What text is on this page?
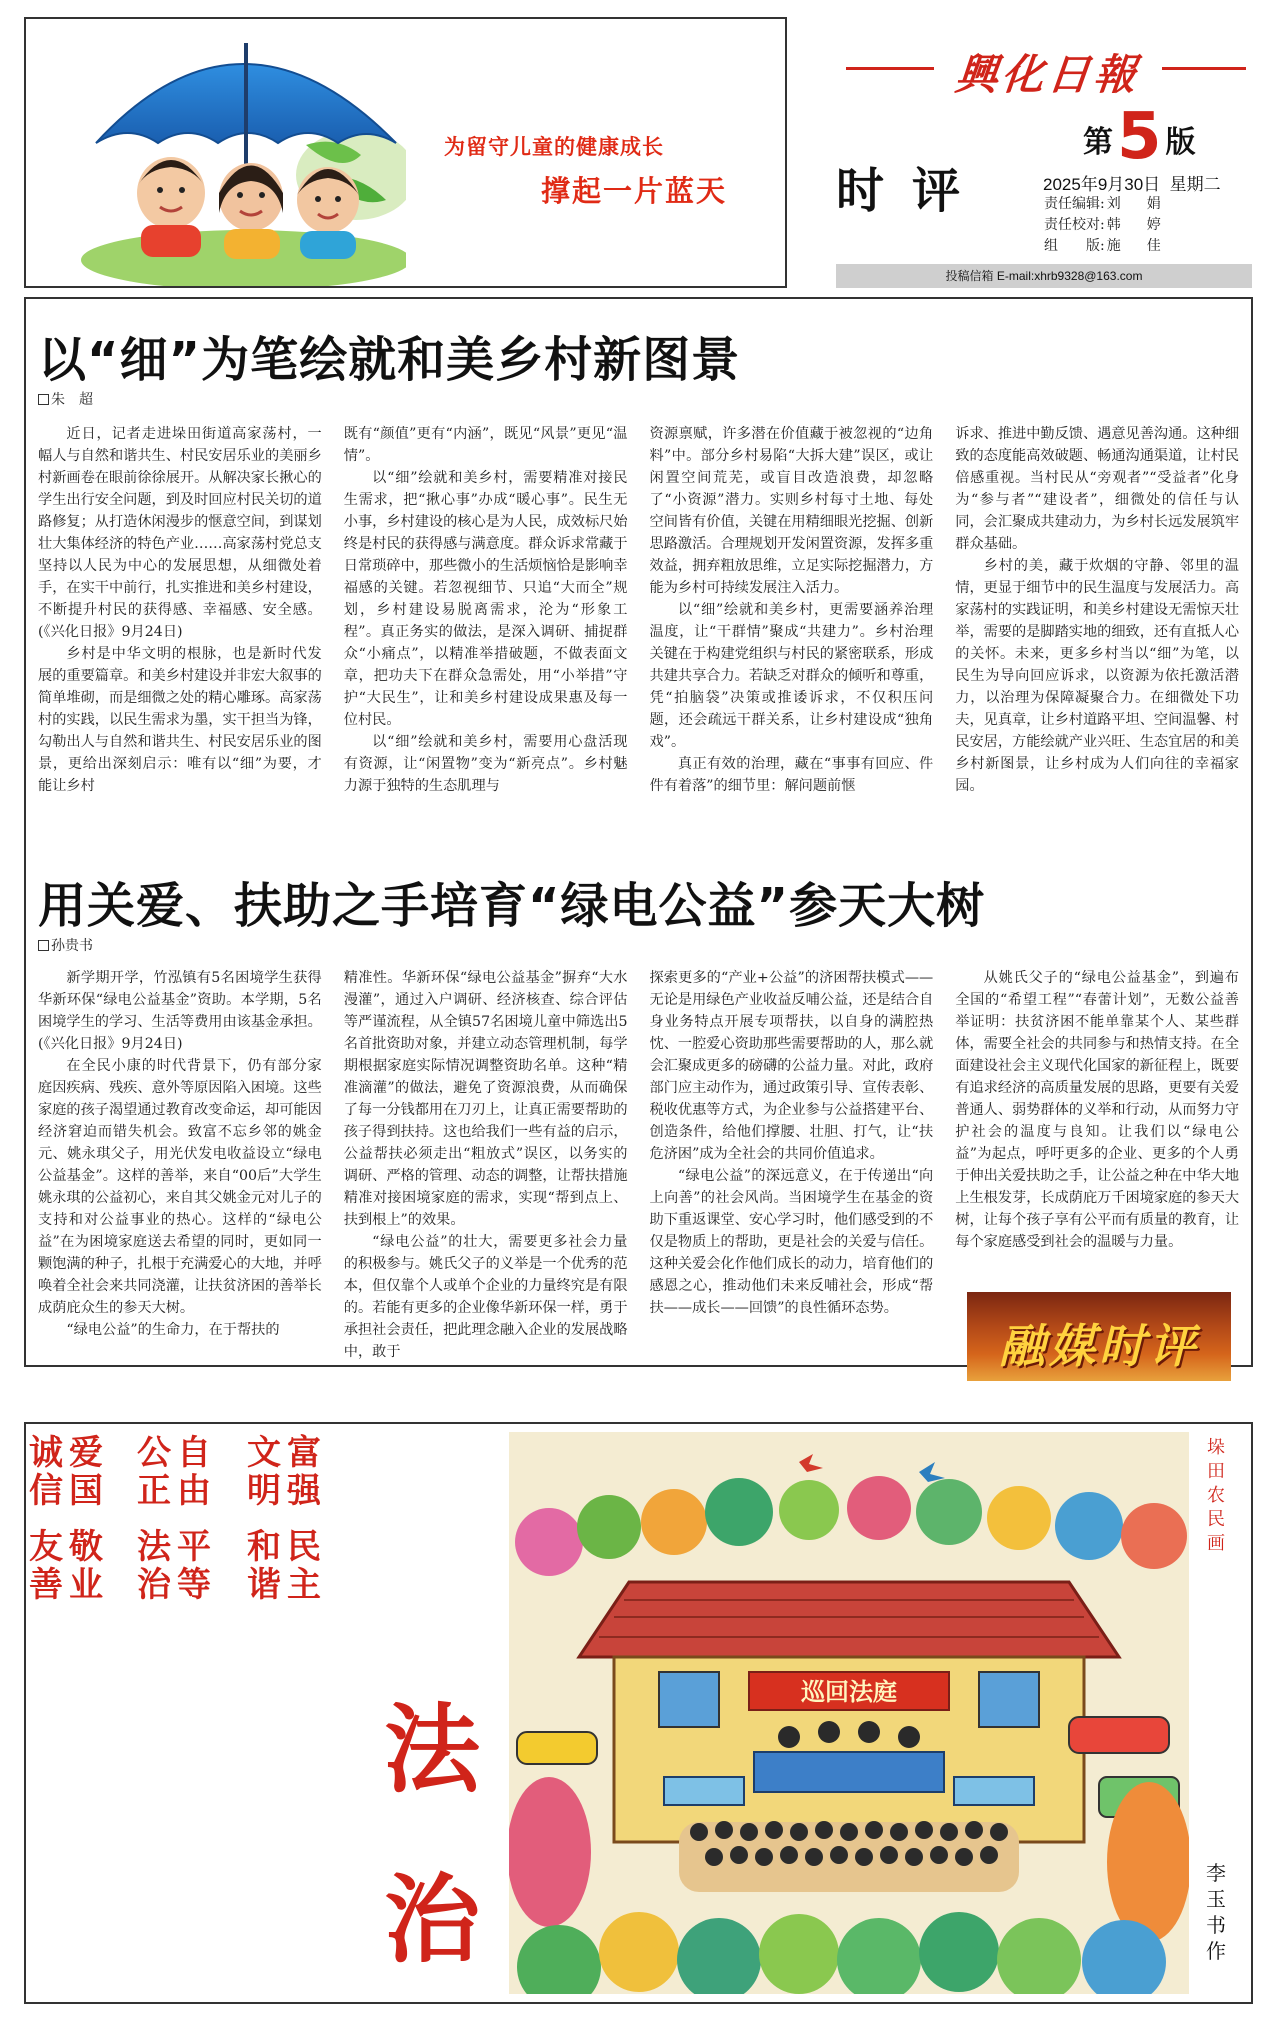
为留守儿童的健康成长
撑起一片蓝天
興化日報
时评
第5 版
2025年9月30日 星期二
责任编辑: 刘　娟
责任校对: 韩　婷
组　　版: 施　佳
投稿信箱 E-mail:xhrb9328@163.com
以“细”为笔绘就和美乡村新图景
朱　超

近日，记者走进垛田街道高家荡村，一幅人与自然和谐共生、村民安居乐业的美丽乡村新画卷在眼前徐徐展开。从解决家长揪心的学生出行安全问题，到及时回应村民关切的道路修复；从打造休闲漫步的惬意空间，到谋划壮大集体经济的特色产业……高家荡村党总支坚持以人民为中心的发展思想，从细微处着手，在实干中前行，扎实推进和美乡村建设，不断提升村民的获得感、幸福感、安全感。(《兴化日报》9月24日)

乡村是中华文明的根脉，也是新时代发展的重要篇章。和美乡村建设并非宏大叙事的简单堆砌，而是细微之处的精心雕琢。高家荡村的实践，以民生需求为墨，实干担当为锋，勾勒出人与自然和谐共生、村民安居乐业的图景，更给出深刻启示：唯有以“细”为要，才能让乡村

既有“颜值”更有“内涵”，既见“风景”更见“温情”。

以“细”绘就和美乡村，需要精准对接民生需求，把“揪心事”办成“暖心事”。民生无小事，乡村建设的核心是为人民，成效标尺始终是村民的获得感与满意度。群众诉求常藏于日常琐碎中，那些微小的生活烦恼恰是影响幸福感的关键。若忽视细节、只追“大而全”规划，乡村建设易脱离需求，沦为“形象工程”。真正务实的做法，是深入调研、捕捉群众“小痛点”，以精准举措破题，不做表面文章，把功夫下在群众急需处，用“小举措”守护“大民生”，让和美乡村建设成果惠及每一位村民。

以“细”绘就和美乡村，需要用心盘活现有资源，让“闲置物”变为“新亮点”。乡村魅力源于独特的生态肌理与

资源禀赋，许多潜在价值藏于被忽视的“边角料”中。部分乡村易陷“大拆大建”误区，或让闲置空间荒芜，或盲目改造浪费，却忽略了“小资源”潜力。实则乡村每寸土地、每处空间皆有价值，关键在用精细眼光挖掘、创新思路激活。合理规划开发闲置资源，发挥多重效益，拥弃粗放思维，立足实际挖掘潜力，方能为乡村可持续发展注入活力。

以“细”绘就和美乡村，更需要涵养治理温度，让“干群情”聚成“共建力”。乡村治理关键在于构建党组织与村民的紧密联系，形成共建共享合力。若缺乏对群众的倾听和尊重，凭“拍脑袋”决策或推诿诉求，不仅积压问题，还会疏远干群关系，让乡村建设成“独角戏”。

真正有效的治理，藏在“事事有回应、件件有着落”的细节里：解问题前惬

诉求、推进中勤反馈、遇意见善沟通。这种细致的态度能高效破题、畅通沟通渠道，让村民倍感重视。当村民从“旁观者”“受益者”化身为“参与者”“建设者”，细微处的信任与认同，会汇聚成共建动力，为乡村长远发展筑牢群众基础。

乡村的美，藏于炊烟的守静、邻里的温情，更显于细节中的民生温度与发展活力。高家荡村的实践证明，和美乡村建设无需惊天壮举，需要的是脚踏实地的细致，还有直抵人心的关怀。未来，更多乡村当以“细”为笔，以民生为导向回应诉求，以资源为依托激活潜力，以治理为保障凝聚合力。在细微处下功夫，见真章，让乡村道路平坦、空间温馨、村民安居，方能绘就产业兴旺、生态宜居的和美乡村新图景，让乡村成为人们向往的幸福家园。

用关爱、扶助之手培育“绿电公益”参天大树
孙贵书

新学期开学，竹泓镇有5名困境学生获得华新环保“绿电公益基金”资助。本学期，5名困境学生的学习、生活等费用由该基金承担。(《兴化日报》9月24日)

在全民小康的时代背景下，仍有部分家庭因疾病、残疾、意外等原因陷入困境。这些家庭的孩子渴望通过教育改变命运，却可能因经济窘迫而错失机会。致富不忘乡邻的姚金元、姚永琪父子，用光伏发电收益设立“绿电公益基金”。这样的善举，来自“00后”大学生姚永琪的公益初心，来自其父姚金元对儿子的支持和对公益事业的热心。这样的“绿电公益”在为困境家庭送去希望的同时，更如同一颗饱满的种子，扎根于充满爱心的大地，并呼唤着全社会来共同浇灌，让扶贫济困的善举长成荫庇众生的参天大树。

“绿电公益”的生命力，在于帮扶的

精准性。华新环保“绿电公益基金”摒弃“大水漫灌”，通过入户调研、经济核查、综合评估等严谨流程，从全镇57名困境儿童中筛选出5名首批资助对象，并建立动态管理机制，每学期根据家庭实际情况调整资助名单。这种“精准滴灌”的做法，避免了资源浪费，从而确保了每一分钱都用在刀刃上，让真正需要帮助的孩子得到扶持。这也给我们一些有益的启示，公益帮扶必须走出“粗放式”误区，以务实的调研、严格的管理、动态的调整，让帮扶措施精准对接困境家庭的需求，实现“帮到点上、扶到根上”的效果。

“绿电公益”的壮大，需要更多社会力量的积极参与。姚氏父子的义举是一个优秀的范本，但仅靠个人或单个企业的力量终究是有限的。若能有更多的企业像华新环保一样，勇于承担社会责任，把此理念融入企业的发展战略中，敢于

探索更多的“产业+公益”的济困帮扶模式——无论是用绿色产业收益反哺公益，还是结合自身业务特点开展专项帮扶，以自身的满腔热忱、一腔爱心资助那些需要帮助的人，那么就会汇聚成更多的磅礴的公益力量。对此，政府部门应主动作为，通过政策引导、宣传表彰、税收优惠等方式，为企业参与公益搭建平台、创造条件，给他们撑腰、壮胆、打气，让“扶危济困”成为全社会的共同价值追求。

“绿电公益”的深远意义，在于传递出“向上向善”的社会风尚。当困境学生在基金的资助下重返课堂、安心学习时，他们感受到的不仅是物质上的帮助，更是社会的关爱与信任。这种关爱会化作他们成长的动力，培育他们的感恩之心，推动他们未来反哺社会，形成“帮扶——成长——回馈”的良性循环态势。

从姚氏父子的“绿电公益基金”，到遍布全国的“希望工程”“春蕾计划”，无数公益善举证明：扶贫济困不能单靠某个人、某些群体，需要全社会的共同参与和热情支持。在全面建设社会主义现代化国家的新征程上，既要有追求经济的高质量发展的思路，更要有关爱普通人、弱势群体的义举和行动，从而努力守护社会的温度与良知。让我们以“绿电公益”为起点，呼吁更多的企业、更多的个人勇于伸出关爱扶助之手，让公益之种在中华大地上生根发芽，长成荫庇万千困境家庭的参天大树，让每个孩子享有公平而有质量的教育，让每个家庭感受到社会的温暖与力量。

融媒时评
富强
民主
文明
和谐
自由
平等
公正
法治
爱国
敬业
诚信
友善
法
治
巡回法庭
垛田农民画
李玉书作
